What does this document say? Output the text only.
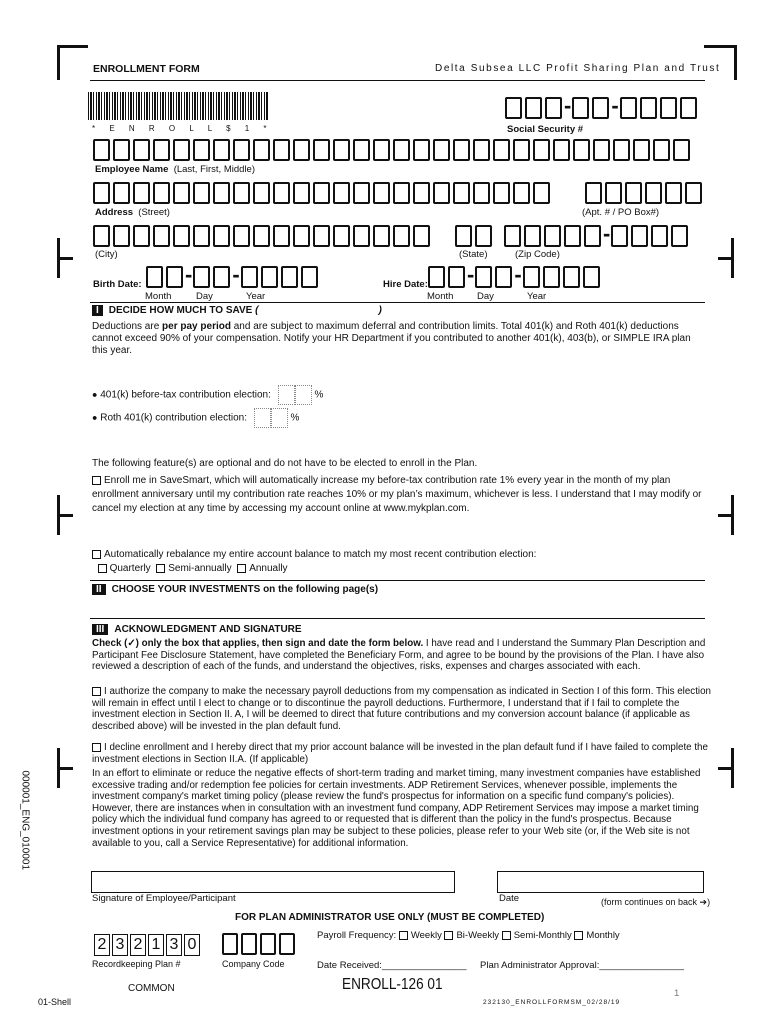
ENROLLMENT FORM	Delta Subsea LLC Profit Sharing Plan and Trust
* E N R O L L $ 1 *
- -
Social Security #
Employee Name (Last, First, Middle)
Address (Street)	(Apt. # / PO Box#)
-
(City)	(State)	(Zip Code)
Birth Date: - -
Month	Day	Year
Hire Date: - -
Month Day	Year
I DECIDE HOW MUCH TO SAVE (	)
Deductions are per pay period and are subject to maximum deferral and contribution limits. Total 401(k) and Roth 401(k) deductions cannot exceed 90% of your compensation. Notify your HR Department if you contributed to another 401(k), 403(b), or SIMPLE IRA plan this year.
● 401(k) before-tax contribution election:	%
● Roth 401(k) contribution election:	%
The following feature(s) are optional and do not have to be elected to enroll in the Plan.
Enroll me in SaveSmart, which will automatically increase my before-tax contribution rate 1% every year in the month of my plan enrollment anniversary until my contribution rate reaches 10% or my plan’s maximum, whichever is less. I understand that I may modify or cancel my election at any time by accessing my account online at www.mykplan.com.
Automatically rebalance my entire account balance to match my most recent contribution election:
Quarterly Semi-annually Annually
II CHOOSE YOUR INVESTMENTS on the following page(s)
III ACKNOWLEDGMENT AND SIGNATURE
Check (✓) only the box that applies, then sign and date the form below. I have read and I understand the Summary Plan Description and Participant Fee Disclosure Statement, have completed the Beneficiary Form, and agree to be bound by the provisions of the Plan. I have also reviewed a description of each of the funds, and understand the objectives, risks, expenses and charges associated with each.
I authorize the company to make the necessary payroll deductions from my compensation as indicated in Section I of this form. This election will remain in effect until I elect to change or to discontinue the payroll deductions. Furthermore, I understand that if I fail to complete the investment election in Section II. A, I will be deemed to direct that future contributions and my conversion account balance (if applicable as described above) will be invested in the plan default fund.
I decline enrollment and I hereby direct that my prior account balance will be invested in the plan default fund if I have failed to complete the investment elections in Section II.A. (If applicable)
In an effort to eliminate or reduce the negative effects of short-term trading and market timing, many investment companies have established excessive trading and/or redemption fee policies for certain investments. ADP Retirement Services, whenever possible, implements the investment company's market timing policy (please review the fund's prospectus for information on a specific fund company's policies). However, there are instances when in consultation with an investment fund company, ADP Retirement Services may impose a market timing policy which the individual fund company has agreed to or requested that is different than the policy in the fund's prospectus. Because investment options in your retirement savings plan may be subject to these policies, please refer to your Web site (or, if the Web site is not available to you, call a Service Representative) for additional information.
Signature of Employee/Participant	Date	(form continues on back ➔)
FOR PLAN ADMINISTRATOR USE ONLY (MUST BE COMPLETED)
2 3 2 1 3 0
Recordkeeping Plan #	Company Code
Payroll Frequency: Weekly Bi-Weekly Semi-Monthly Monthly
Date Received:________________ Plan Administrator Approval:________________
01-Shell
COMMON	ENROLL-126 01
1
232130_ENROLLFORMSM_02/28/19
000001_ENG_010001
